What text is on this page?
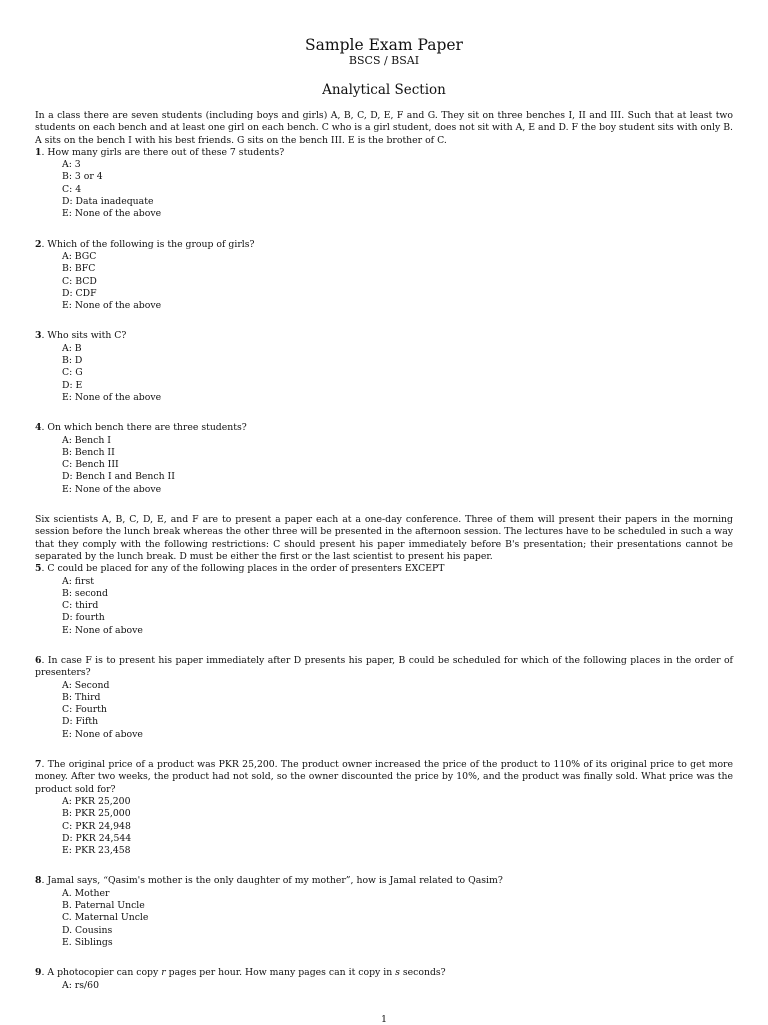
Sample Exam Paper
BSCS / BSAI
Analytical Section
In a class there are seven students (including boys and girls) A, B, C, D, E, F and G. They sit on three benches I, II and III. Such that at least two students on each bench and at least one girl on each bench. C who is a girl student, does not sit with A, E and D. F the boy student sits with only B. A sits on the bench I with his best friends. G sits on the bench III. E is the brother of C.
1. How many girls are there out of these 7 students?
A: 3
B: 3 or 4
C: 4
D: Data inadequate
E: None of the above
2. Which of the following is the group of girls?
A: BGC
B: BFC
C: BCD
D: CDF
E: None of the above
3. Who sits with C?
A: B
B: D
C: G
D: E
E: None of the above
4. On which bench there are three students?
A: Bench I
B: Bench II
C: Bench III
D: Bench I and Bench II
E: None of the above
Six scientists A, B, C, D, E, and F are to present a paper each at a one-day conference. Three of them will present their papers in the morning session before the lunch break whereas the other three will be presented in the afternoon session. The lectures have to be scheduled in such a way that they comply with the following restrictions: C should present his paper immediately before B's presentation; their presentations cannot be separated by the lunch break. D must be either the first or the last scientist to present his paper.
5. C could be placed for any of the following places in the order of presenters EXCEPT
A: first
B: second
C: third
D: fourth
E: None of above
6. In case F is to present his paper immediately after D presents his paper, B could be scheduled for which of the following places in the order of presenters?
A: Second
B: Third
C: Fourth
D: Fifth
E: None of above
7. The original price of a product was PKR 25,200. The product owner increased the price of the product to 110% of its original price to get more money. After two weeks, the product had not sold, so the owner discounted the price by 10%, and the product was finally sold. What price was the product sold for?
A: PKR 25,200
B: PKR 25,000
C: PKR 24,948
D: PKR 24,544
E: PKR 23,458
8. Jamal says, “Qasim's mother is the only daughter of my mother”, how is Jamal related to Qasim?
A. Mother
B. Paternal Uncle
C. Maternal Uncle
D. Cousins
E. Siblings
9. A photocopier can copy r pages per hour. How many pages can it copy in s seconds?
A: rs/60
1
